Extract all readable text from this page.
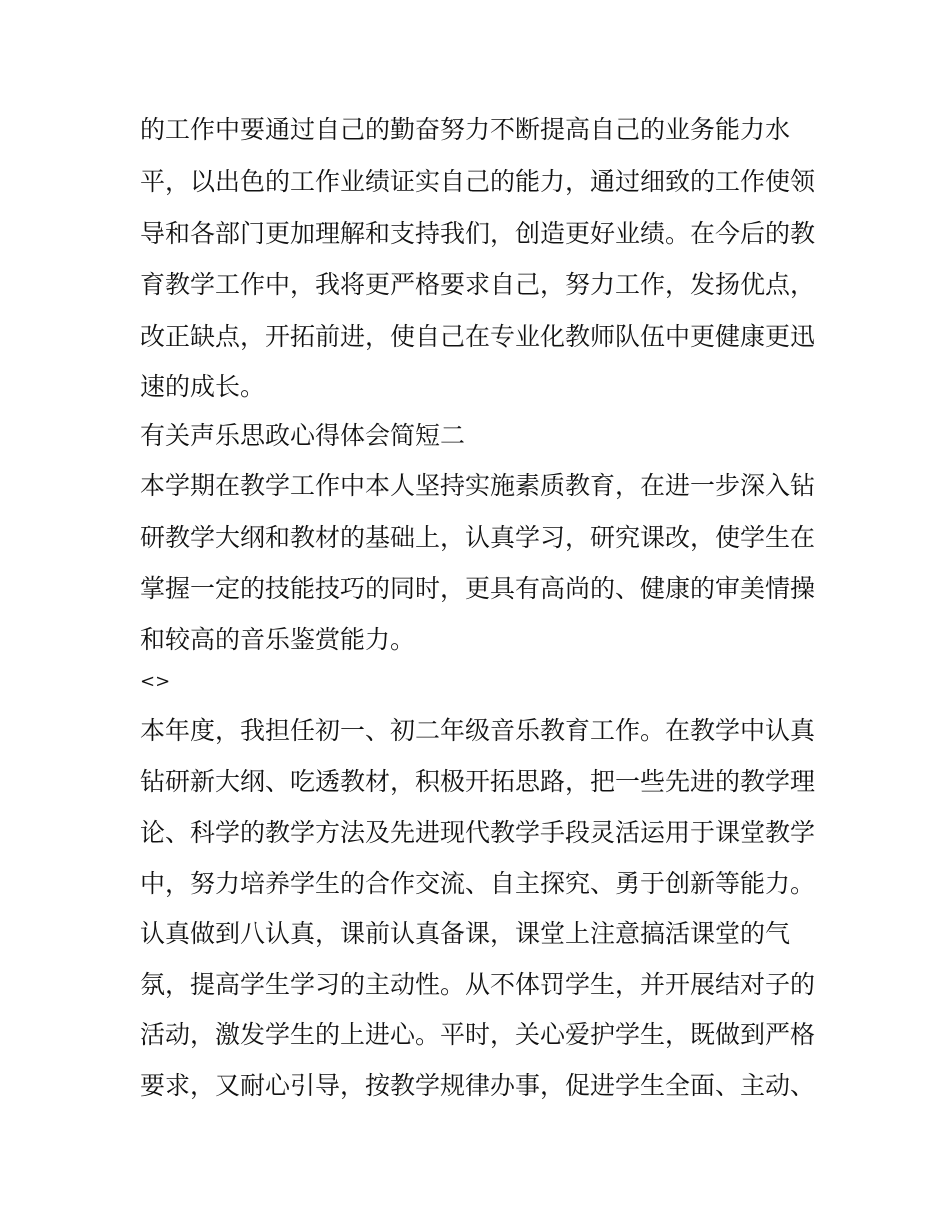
的工作中要通过自己的勤奋努力不断提高自己的业务能力水
平，以出色的工作业绩证实自己的能力，通过细致的工作使领
导和各部门更加理解和支持我们，创造更好业绩。在今后的教
育教学工作中，我将更严格要求自己，努力工作，发扬优点，
改正缺点，开拓前进，使自己在专业化教师队伍中更健康更迅
速的成长。
有关声乐思政心得体会简短二
本学期在教学工作中本人坚持实施素质教育，在进一步深入钻
研教学大纲和教材的基础上，认真学习，研究课改，使学生在
掌握一定的技能技巧的同时，更具有高尚的、健康的审美情操
和较高的音乐鉴赏能力。
<>
本年度，我担任初一、初二年级音乐教育工作。在教学中认真
钻研新大纲、吃透教材，积极开拓思路，把一些先进的教学理
论、科学的教学方法及先进现代教学手段灵活运用于课堂教学
中，努力培养学生的合作交流、自主探究、勇于创新等能力。
认真做到八认真，课前认真备课，课堂上注意搞活课堂的气
氛，提高学生学习的主动性。从不体罚学生，并开展结对子的
活动，激发学生的上进心。平时，关心爱护学生，既做到严格
要求，又耐心引导，按教学规律办事，促进学生全面、主动、
